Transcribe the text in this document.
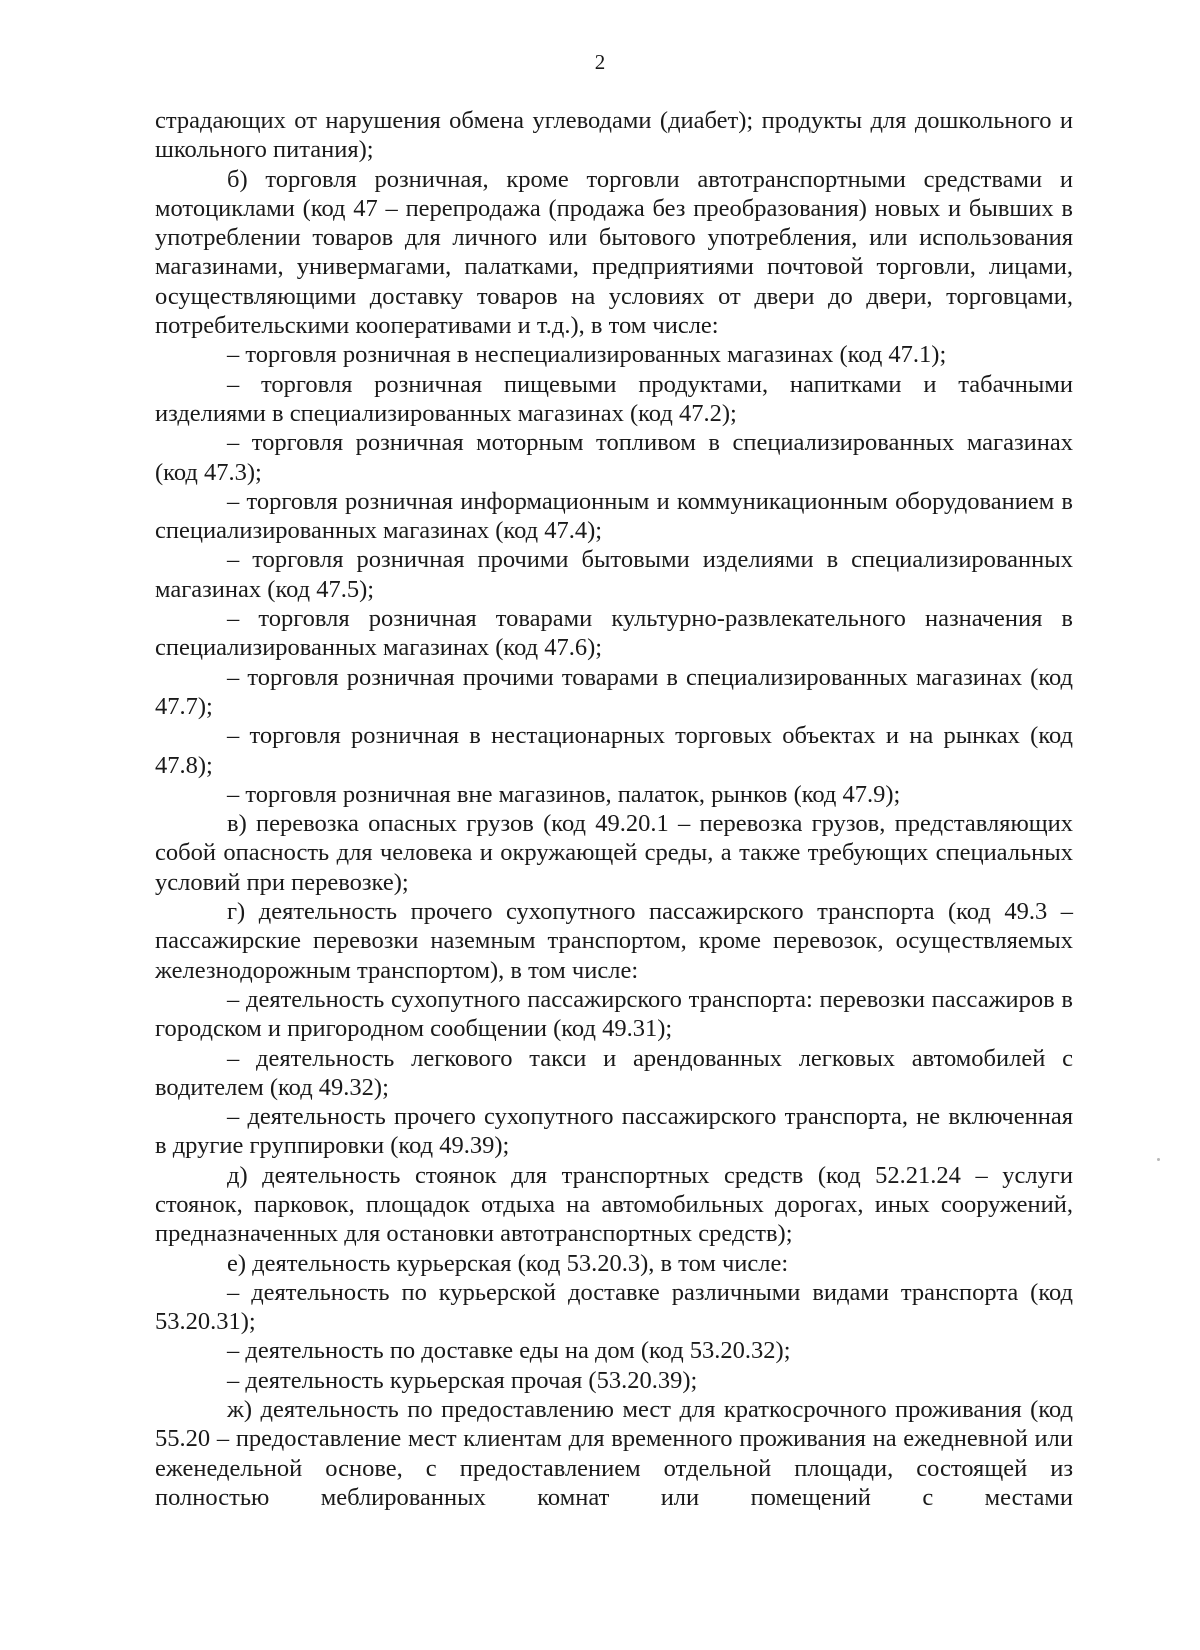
2

страдающих от нарушения обмена углеводами (диабет); продукты для дошкольного и школьного питания);

б) торговля розничная, кроме торговли автотранспортными средствами и мотоциклами (код 47 – перепродажа (продажа без преобразования) новых и бывших в употреблении товаров для личного или бытового употребления, или использования магазинами, универмагами, палатками, предприятиями почтовой торговли, лицами, осуществляющими доставку товаров на условиях от двери до двери, торговцами, потребительскими кооперативами и т.д.), в том числе:

– торговля розничная в неспециализированных магазинах (код 47.1);

– торговля розничная пищевыми продуктами, напитками и табачными изделиями в специализированных магазинах (код 47.2);

– торговля розничная моторным топливом в специализированных магазинах (код 47.3);

– торговля розничная информационным и коммуникационным оборудованием в специализированных магазинах (код 47.4);

– торговля розничная прочими бытовыми изделиями в специализированных магазинах (код 47.5);

– торговля розничная товарами культурно-развлекательного назначения в специализированных магазинах (код 47.6);

– торговля розничная прочими товарами в специализированных магазинах (код 47.7);

– торговля розничная в нестационарных торговых объектах и на рынках (код 47.8);

– торговля розничная вне магазинов, палаток, рынков (код 47.9);

в) перевозка опасных грузов (код 49.20.1 – перевозка грузов, представляющих собой опасность для человека и окружающей среды, а также требующих специальных условий при перевозке);

г) деятельность прочего сухопутного пассажирского транспорта (код 49.3 – пассажирские перевозки наземным транспортом, кроме перевозок, осуществляемых железнодорожным транспортом), в том числе:

– деятельность сухопутного пассажирского транспорта: перевозки пассажиров в городском и пригородном сообщении (код 49.31);

– деятельность легкового такси и арендованных легковых автомобилей с водителем (код 49.32);

– деятельность прочего сухопутного пассажирского транспорта, не включенная в другие группировки (код 49.39);

д) деятельность стоянок для транспортных средств (код 52.21.24 – услуги стоянок, парковок, площадок отдыха на автомобильных дорогах, иных сооружений, предназначенных для остановки автотранспортных средств);

е) деятельность курьерская (код 53.20.3), в том числе:

– деятельность по курьерской доставке различными видами транспорта (код 53.20.31);

– деятельность по доставке еды на дом (код 53.20.32);

– деятельность курьерская прочая (53.20.39);

ж) деятельность по предоставлению мест для краткосрочного проживания (код 55.20 – предоставление мест клиентам для временного проживания на ежедневной или еженедельной основе, с предоставлением отдельной площади, состоящей из полностью меблированных комнат или помещений с местами
